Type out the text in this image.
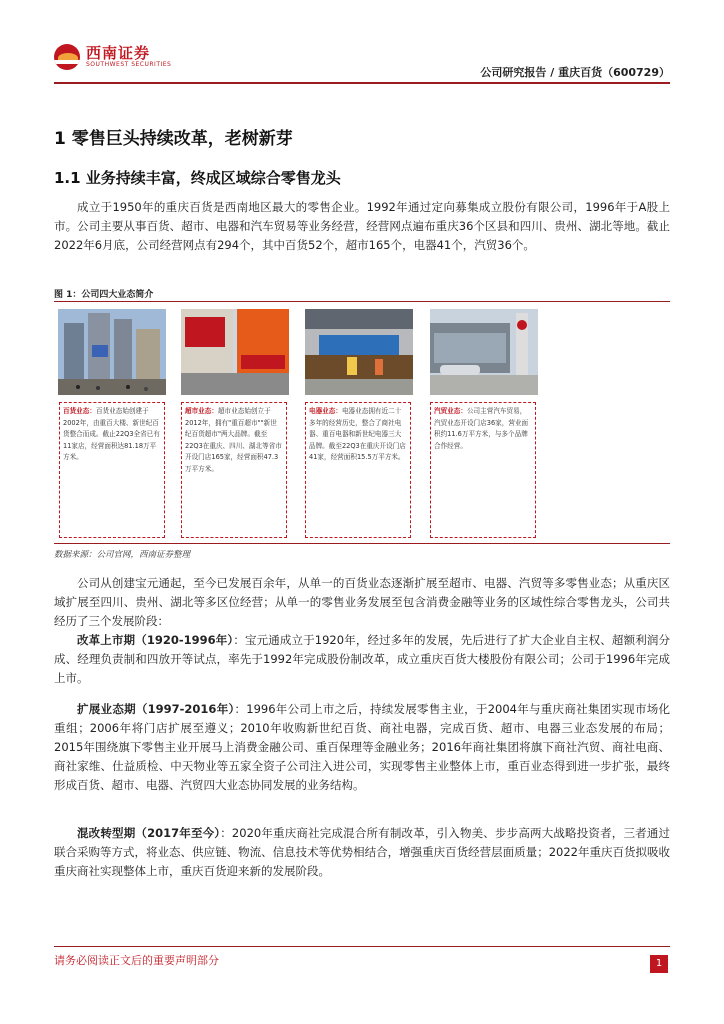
西南证券
SOUTHWEST SECURITIES
公司研究报告 / 重庆百货（600729）
1 零售巨头持续改革，老树新芽
1.1 业务持续丰富，终成区域综合零售龙头
成立于1950年的重庆百货是西南地区最大的零售企业。1992年通过定向募集成立股份有限公司，1996年于A股上市。公司主要从事百货、超市、电器和汽车贸易等业务经营，经营网点遍布重庆36个区县和四川、贵州、湖北等地。截止2022年6月底，公司经营网点有294个，其中百货52个，超市165个，电器41个，汽贸36个。
图 1：公司四大业态简介
百货业态：百货业态始创建于2002年，由重百大楼、新世纪百货整合而成。截止22Q3全省已有11家店，经营面积达81.18万平方米。
超市业态：超市业态始创立于2012年，拥有"重百超市""新世纪百货超市"两大品牌。截至22Q3在重庆、四川、湖北等省市开设门店165家，经营面积47.3万平方米。
电器业态：电器业态拥有近二十多年的经营历史，整合了商社电器、重百电器和新世纪电器三大品牌。截至22Q3在重庆开设门店41家，经营面积15.5万平方米。
汽贸业态：公司主营汽车贸易，汽贸业态开设门店36家，营业面积约11.6万平方米，与多个品牌合作经营。
数据来源：公司官网，西南证券整理
公司从创建宝元通起，至今已发展百余年，从单一的百货业态逐渐扩展至超市、电器、汽贸等多零售业态；从重庆区域扩展至四川、贵州、湖北等多区位经营；从单一的零售业务发展至包含消费金融等业务的区域性综合零售龙头，公司共经历了三个发展阶段：
改革上市期（1920-1996年）：宝元通成立于1920年，经过多年的发展，先后进行了扩大企业自主权、超额利润分成、经理负责制和四放开等试点，率先于1992年完成股份制改革，成立重庆百货大楼股份有限公司；公司于1996年完成上市。
扩展业态期（1997-2016年）：1996年公司上市之后，持续发展零售主业，于2004年与重庆商社集团实现市场化重组；2006年将门店扩展至遵义；2010年收购新世纪百货、商社电器，完成百货、超市、电器三业态发展的布局；2015年围绕旗下零售主业开展马上消费金融公司、重百保理等金融业务；2016年商社集团将旗下商社汽贸、商社电商、商社家维、仕益质检、中天物业等五家全资子公司注入进公司，实现零售主业整体上市，重百业态得到进一步扩张，最终形成百货、超市、电器、汽贸四大业态协同发展的业务结构。
混改转型期（2017年至今）：2020年重庆商社完成混合所有制改革，引入物美、步步高两大战略投资者，三者通过联合采购等方式，将业态、供应链、物流、信息技术等优势相结合，增强重庆百货经营层面质量；2022年重庆百货拟吸收重庆商社实现整体上市，重庆百货迎来新的发展阶段。
请务必阅读正文后的重要声明部分	1
